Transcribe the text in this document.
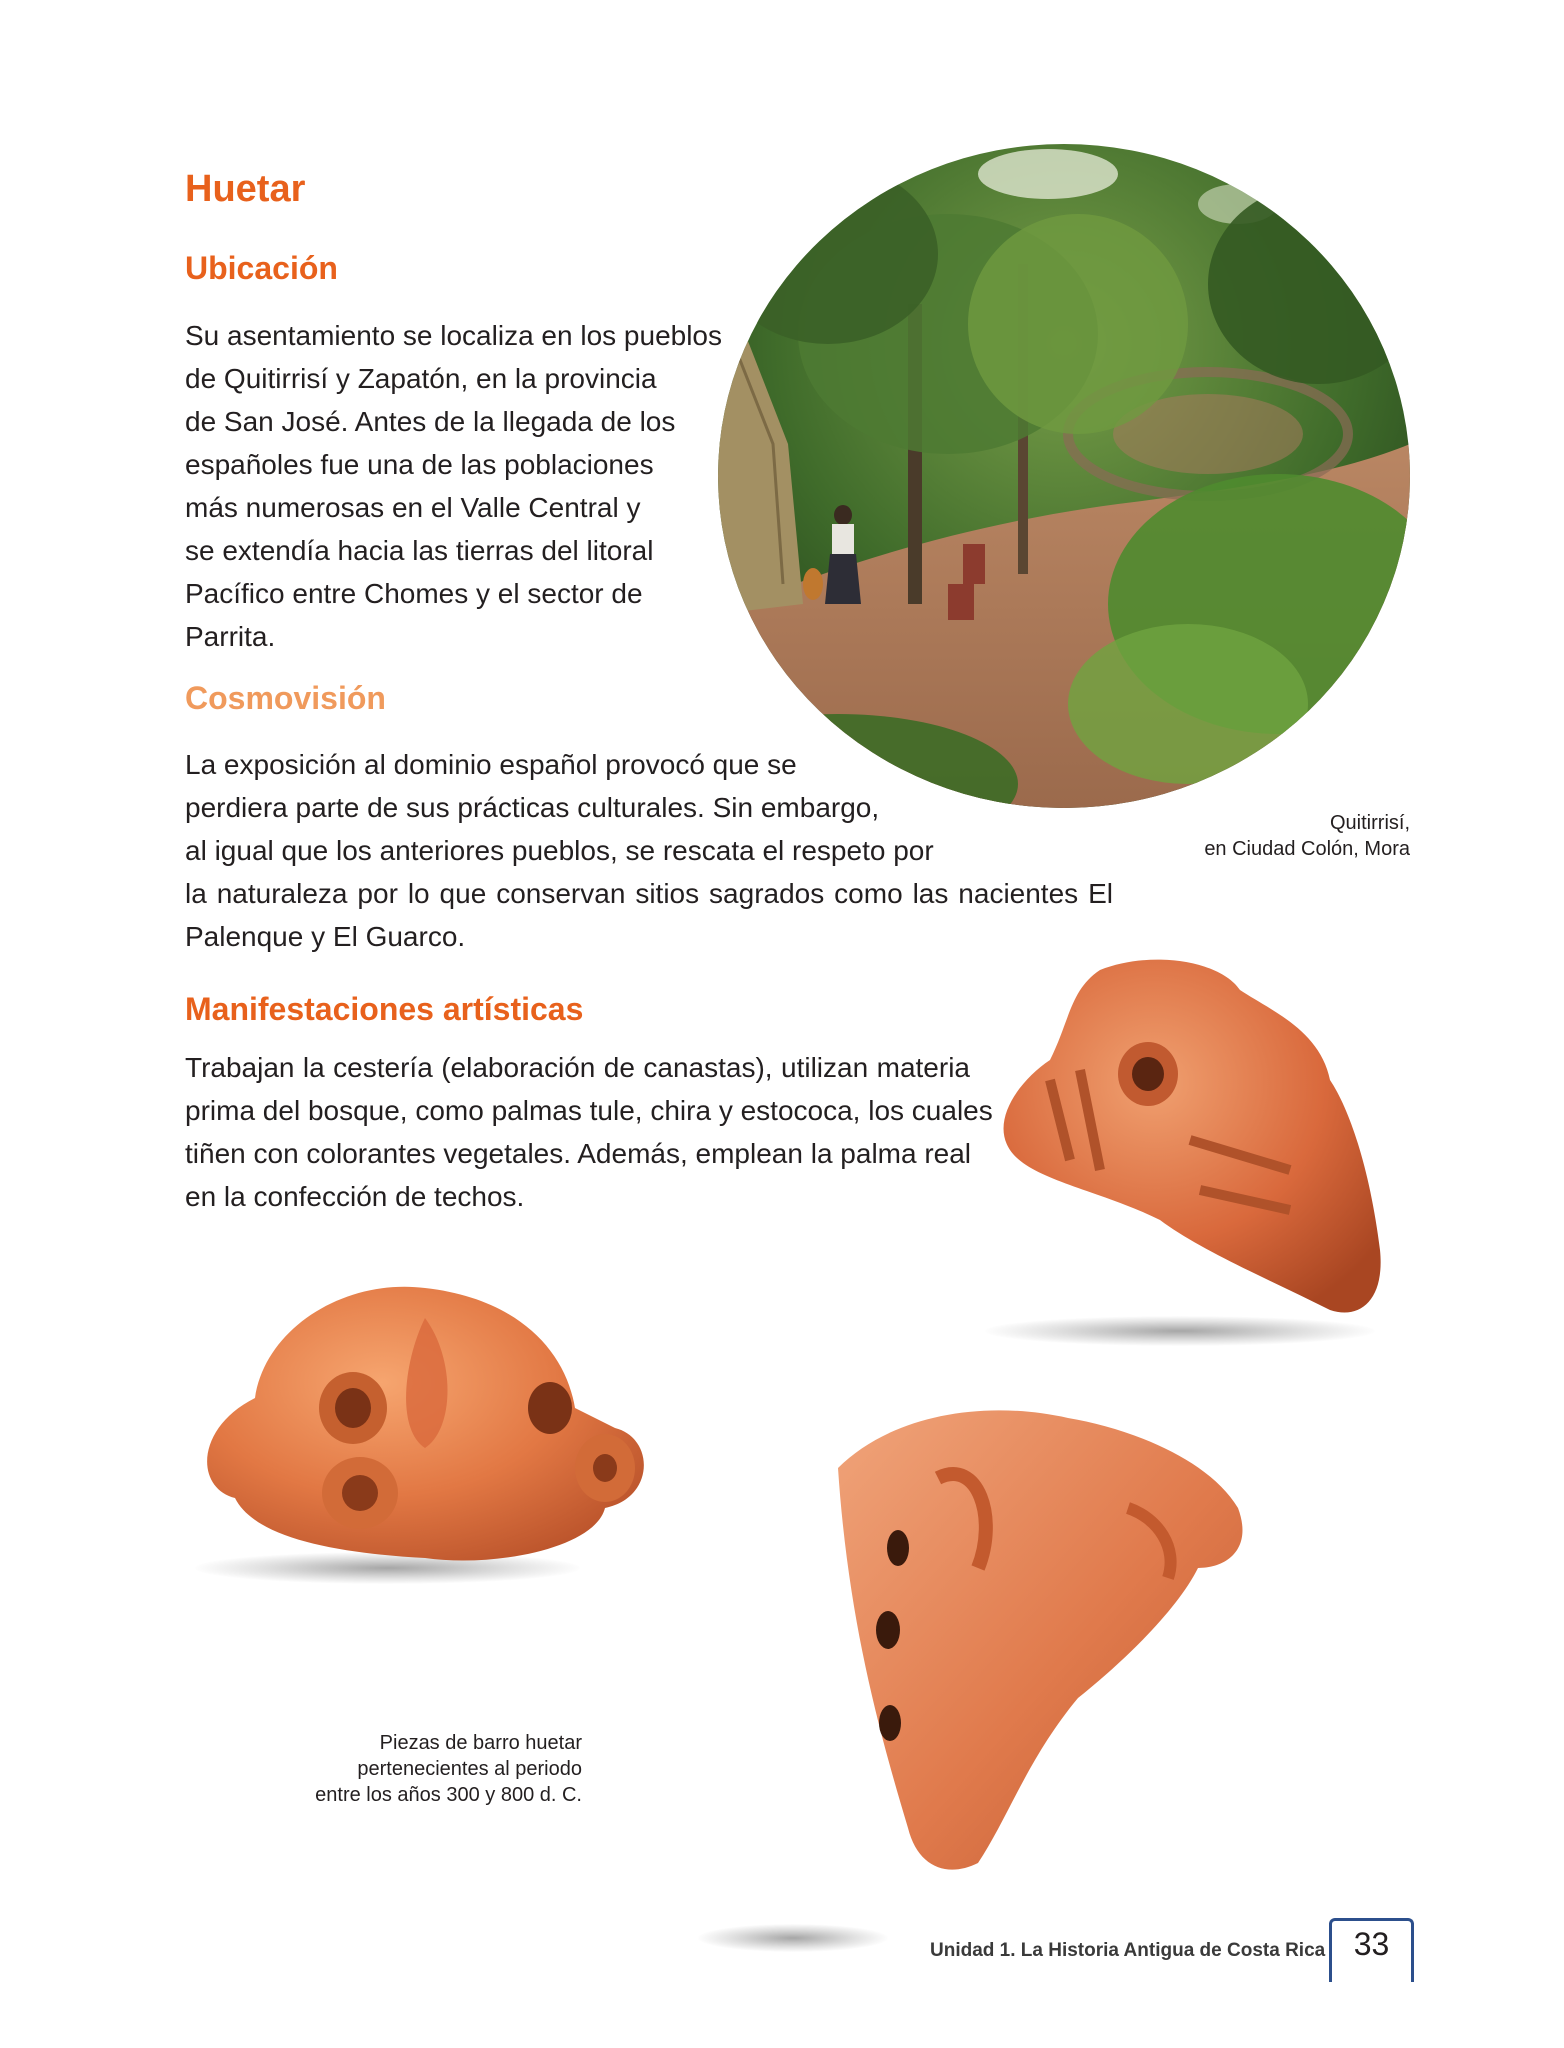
Huetar
Ubicación
Su asentamiento se localiza en los pueblos
de Quitirrisí y Zapatón, en la provincia
de San José. Antes de la llegada de los
españoles fue una de las poblaciones
más numerosas en el Valle Central y
se extendía hacia las tierras del litoral
Pacífico entre Chomes y el sector de
Parrita.
Cosmovisión
La exposición al dominio español provocó que se
perdiera parte de sus prácticas culturales. Sin embargo,
al igual que los anteriores pueblos, se rescata el respeto por
la naturaleza por lo que conservan sitios sagrados como las nacientes El
Palenque y El Guarco.
Manifestaciones artísticas
Trabajan la cestería (elaboración de canastas), utilizan materia
prima del bosque, como palmas tule, chira y estococa, los cuales
tiñen con colorantes vegetales. Además, emplean la palma real
en la confección de techos.
Quitirrisí,
en Ciudad Colón, Mora
Piezas de barro huetar
pertenecientes al periodo
entre los años 300 y 800 d. C.
Unidad 1. La Historia Antigua de Costa Rica 33
